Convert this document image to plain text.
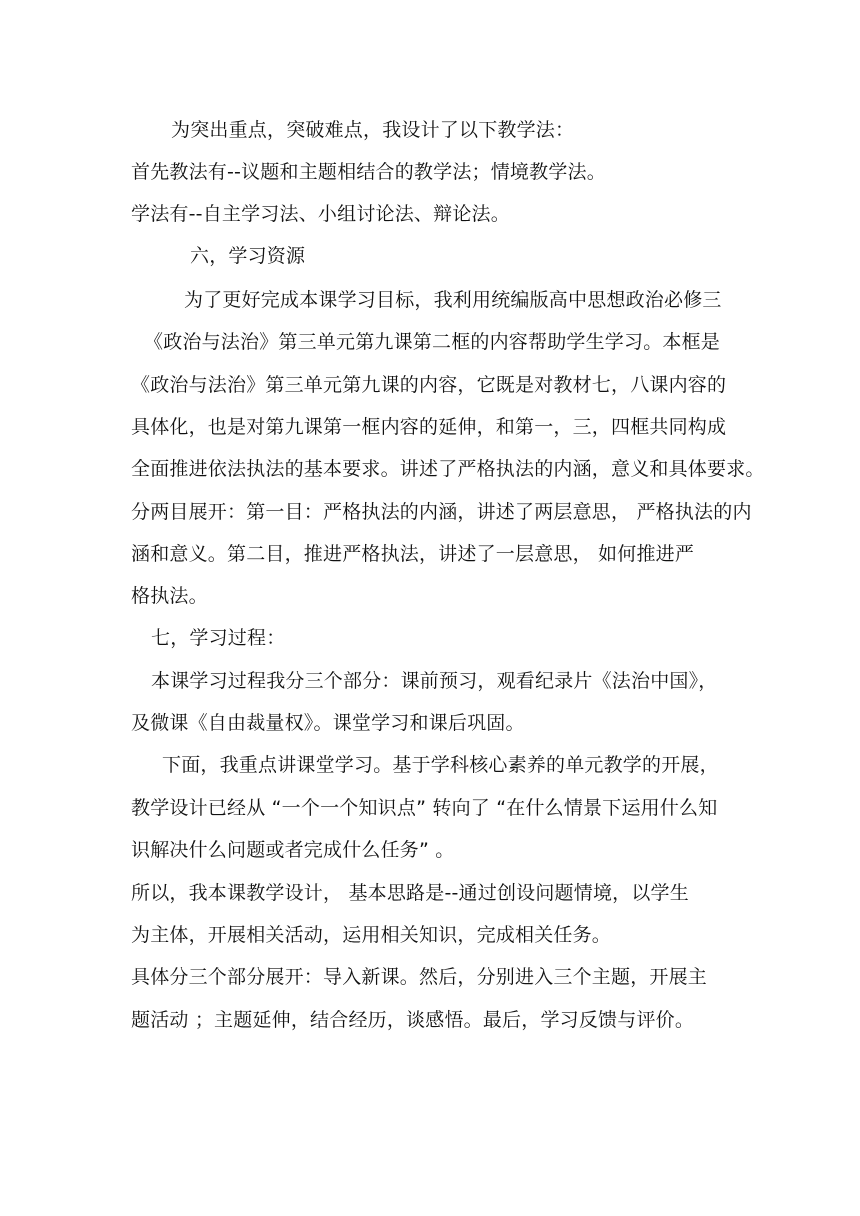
为突出重点，突破难点，我设计了以下教学法：
首先教法有--议题和主题相结合的教学法；情境教学法。
学法有--自主学习法、小组讨论法、辩论法。
六，学习资源
为了更好完成本课学习目标，我利用统编版高中思想政治必修三
《政治与法治》第三单元第九课第二框的内容帮助学生学习。本框是
《政治与法治》第三单元第九课的内容，它既是对教材七，八课内容的
具体化，也是对第九课第一框内容的延伸，和第一，三，四框共同构成
全面推进依法执法的基本要求。讲述了严格执法的内涵，意义和具体要求。
分两目展开：第一目：严格执法的内涵，讲述了两层意思， 严格执法的内
涵和意义。第二目，推进严格执法，讲述了一层意思， 如何推进严
格执法。
七，学习过程：
本课学习过程我分三个部分：课前预习，观看纪录片《法治中国》，
及微课《自由裁量权》。课堂学习和课后巩固。
下面，我重点讲课堂学习。基于学科核心素养的单元教学的开展，
教学设计已经从 “一个一个知识点” 转向了 “在什么情景下运用什么知
识解决什么问题或者完成什么任务” 。
所以，我本课教学设计， 基本思路是--通过创设问题情境，以学生
为主体，开展相关活动，运用相关知识，完成相关任务。
具体分三个部分展开：导入新课。然后，分别进入三个主题，开展主
题活动 ；主题延伸，结合经历，谈感悟。最后，学习反馈与评价。
